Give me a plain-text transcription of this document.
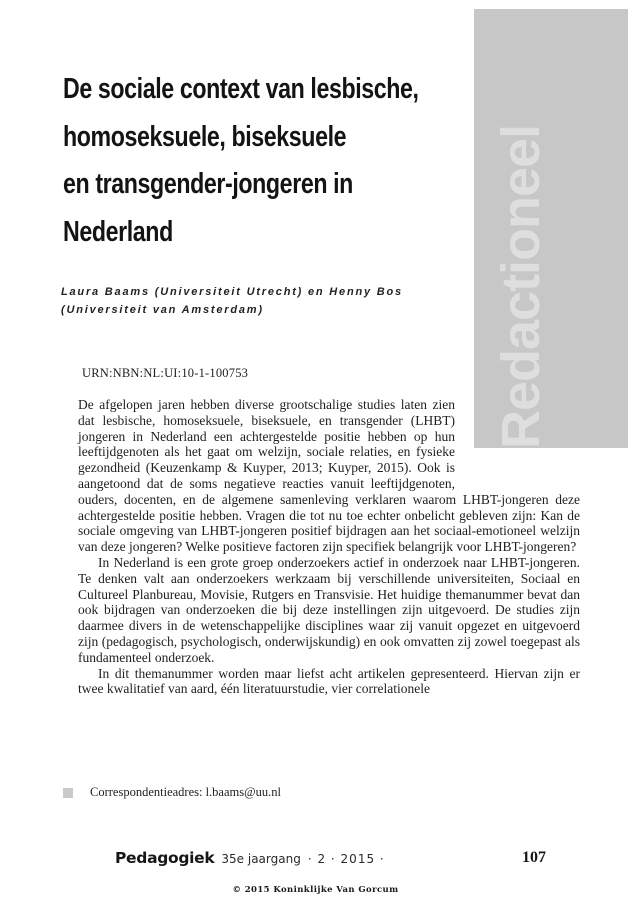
Redactioneel
De sociale context van lesbische,
homoseksuele, biseksuele
en transgender-jongeren in
Nederland
Laura Baams (Universiteit Utrecht) en Henny Bos
(Universiteit van Amsterdam)
URN:NBN:NL:UI:10-1-100753

De afgelopen jaren hebben diverse grootschalige studies laten zien dat lesbische, homoseksuele, biseksuele, en transgender (LHBT) jongeren in Nederland een achtergestelde positie hebben op hun leeftijdgenoten als het gaat om welzijn, sociale relaties, en fysieke gezondheid (Keuzenkamp & Kuyper, 2013; Kuyper, 2015). Ook is aangetoond dat de soms negatieve reacties vanuit leeftijdgenoten, ouders, docenten, en de algemene samenleving verklaren waarom LHBT-jongeren deze achtergestelde positie hebben. Vragen die tot nu toe echter onbelicht gebleven zijn: Kan de sociale omgeving van LHBT-jongeren positief bijdragen aan het sociaal-emotioneel welzijn van deze jongeren? Welke positieve factoren zijn specifiek belangrijk voor LHBT-jongeren?

In Nederland is een grote groep onderzoekers actief in onderzoek naar LHBT-jongeren. Te denken valt aan onderzoekers werkzaam bij verschillende universiteiten, Sociaal en Cultureel Planbureau, Movisie, Rutgers en Transvisie. Het huidige themanummer bevat dan ook bijdragen van onderzoeken die bij deze instellingen zijn uitgevoerd. De studies zijn daarmee divers in de wetenschappelijke disciplines waar zij vanuit opgezet en uitgevoerd zijn (pedagogisch, psychologisch, onderwijskundig) en ook omvatten zij zowel toegepast als fundamenteel onderzoek.

In dit themanummer worden maar liefst acht artikelen gepresenteerd. Hiervan zijn er twee kwalitatief van aard, één literatuurstudie, vier correlationele

Correspondentieadres: l.baams@uu.nl
Pedagogiek 35e jaargang · 2 · 2015 ·	107
© 2015 Koninklijke Van Gorcum
